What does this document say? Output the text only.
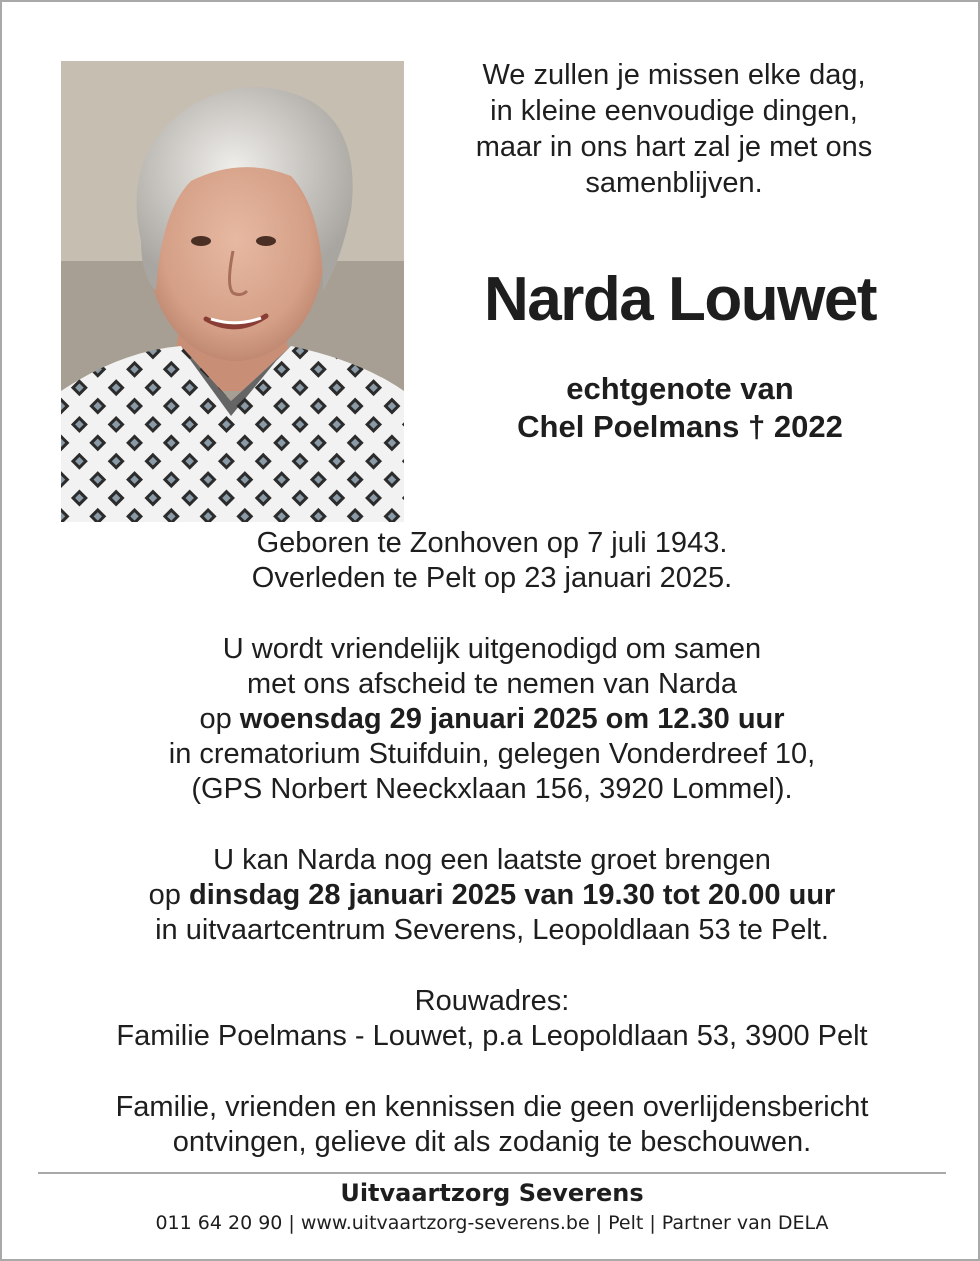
We zullen je missen elke dag,
in kleine eenvoudige dingen,
maar in ons hart zal je met ons
samenblijven.
Narda Louwet
echtgenote van
Chel Poelmans † 2022

Geboren te Zonhoven op 7 juli 1943.

Overleden te Pelt op 23 januari 2025.

U wordt vriendelijk uitgenodigd om samen

met ons afscheid te nemen van Narda

op woensdag 29 januari 2025 om 12.30 uur

in crematorium Stuifduin, gelegen Vonderdreef 10,

(GPS Norbert Neeckxlaan 156, 3920 Lommel).

U kan Narda nog een laatste groet brengen

op dinsdag 28 januari 2025 van 19.30 tot 20.00 uur

in uitvaartcentrum Severens, Leopoldlaan 53 te Pelt.

Rouwadres:

Familie Poelmans - Louwet, p.a Leopoldlaan 53, 3900 Pelt

Familie, vrienden en kennissen die geen overlijdensbericht

ontvingen, gelieve dit als zodanig te beschouwen.

Uitvaartzorg Severens
011 64 20 90 | www.uitvaartzorg-severens.be | Pelt | Partner van DELA
